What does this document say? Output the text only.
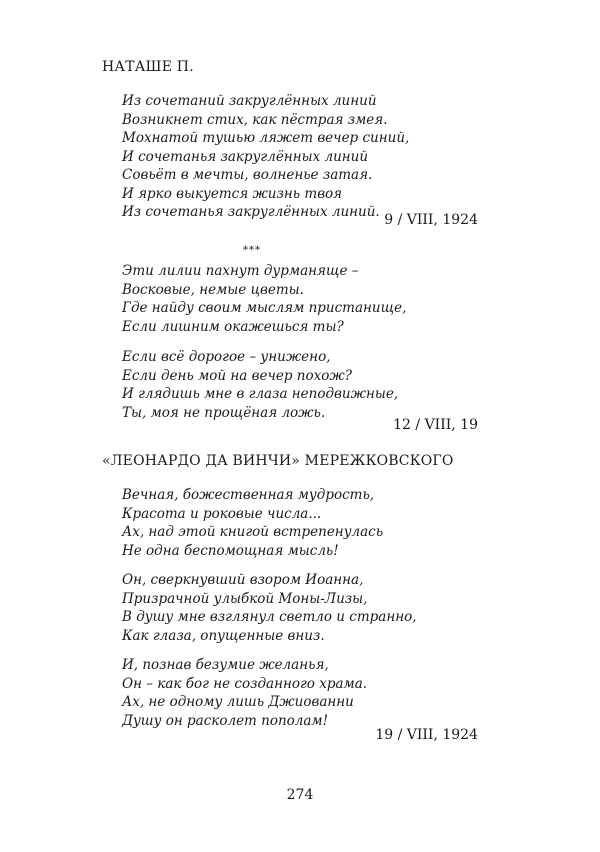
НАТАШЕ П.
Из сочетаний закруглённых линий
Возникнет стих, как пёстрая змея.
Мохнатой тушью ляжет вечер синий,
И сочетанья закруглённых линий
Совьёт в мечты, волненье затая.
И ярко выкуется жизнь твоя
Из сочетанья закруглённых линий. 9 / VIII, 1924
***
Эти лилии пахнут дурманяще –
Восковые, немые цветы.
Где найду своим мыслям пристанище,
Если лишним окажешься ты?
Если всё дорогое – унижено,
Если день мой на вечер похож?
И глядишь мне в глаза неподвижные,
Ты, моя не прощёная ложь.
12 / VIII, 19
«ЛЕОНАРДО ДА ВИНЧИ» МЕРЕЖКОВСКОГО
Вечная, божественная мудрость,
Красота и роковые числа...
Ах, над этой книгой встрепенулась
Не одна беспомощная мысль!
Он, сверкнувший взором Иоанна,
Призрачной улыбкой Моны-Лизы,
В душу мне взглянул светло и странно,
Как глаза, опущенные вниз.
И, познав безумие желанья,
Он – как бог не созданного храма.
Ах, не одному лишь Джиованни
Душу он расколет пополам!
19 / VIII, 1924
274
